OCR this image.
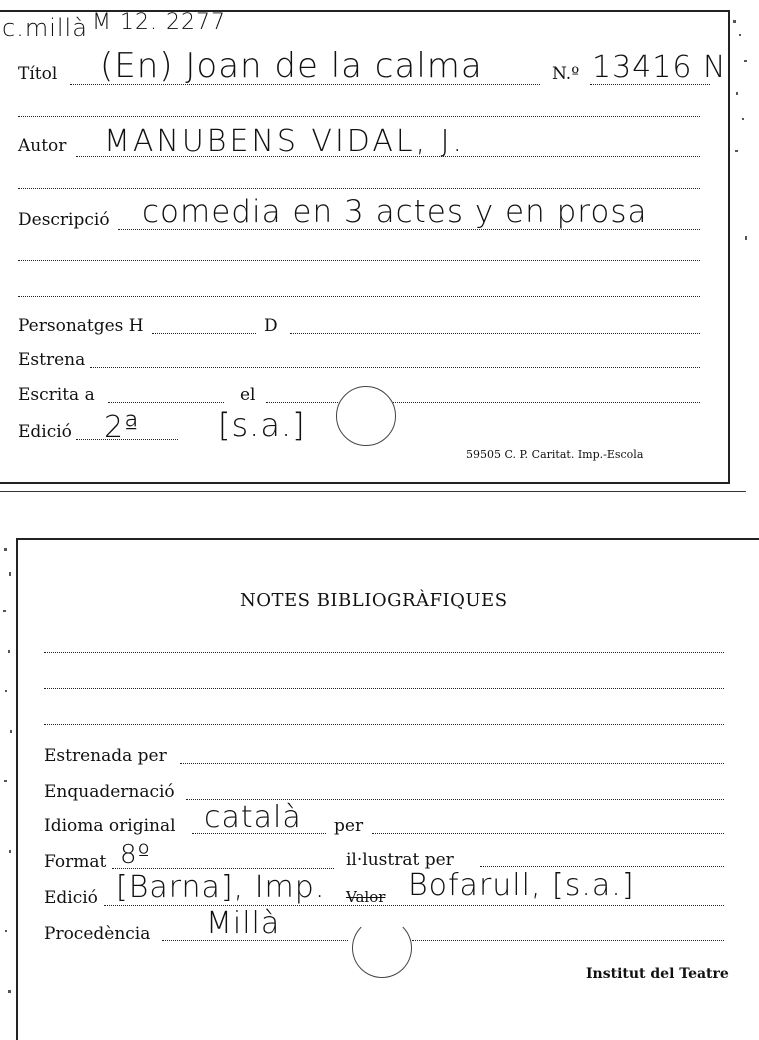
c.millà M 12. 2277
Títol (En) Joan de la calma	N.º 13416 N
Autor MANUBENS VIDAL, J.
Descripció comedia en 3 actes y en prosa
Personatges H	D
Estrena
Escrita a	el
Edició 2ª [s.a.]
59505 C. P. Caritat. Imp.-Escola
NOTES BIBLIOGRÀFIQUES
Estrenada per
Enquadernació
Idioma original català per
Format 8º	il·lustrat per
Edició [Barna], Imp. Valor Bofarull, [s.a.]
Procedència Millà
Institut del Teatre
